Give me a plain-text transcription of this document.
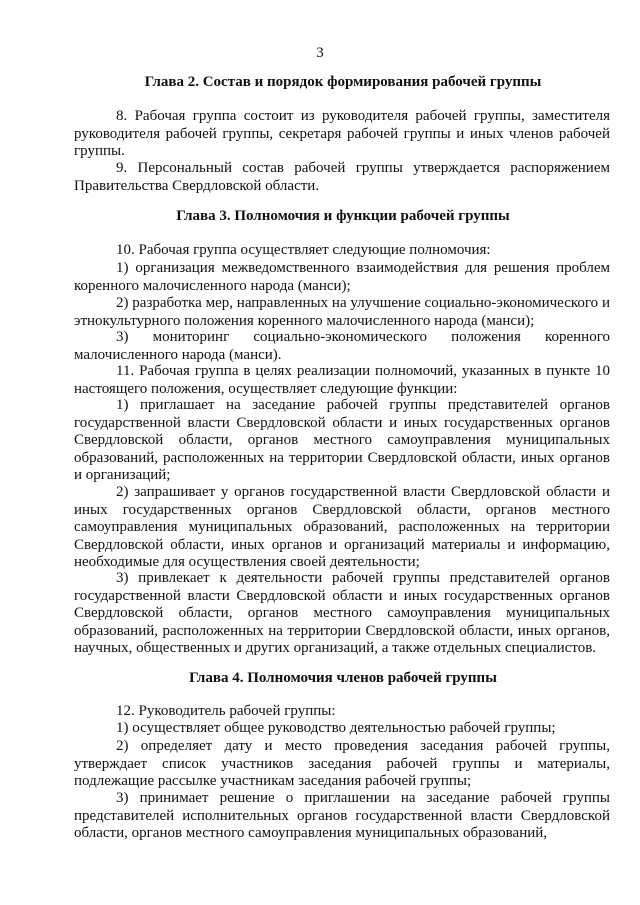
3
Глава 2. Состав и порядок формирования рабочей группы

8. Рабочая группа состоит из руководителя рабочей группы, заместителя руководителя рабочей группы, секретаря рабочей группы и иных членов рабочей группы.

9. Персональный состав рабочей группы утверждается распоряжением Правительства Свердловской области.

Глава 3. Полномочия и функции рабочей группы

10. Рабочая группа осуществляет следующие полномочия:

1) организация межведомственного взаимодействия для решения проблем коренного малочисленного народа (манси);

2) разработка мер, направленных на улучшение социально-экономического и этнокультурного положения коренного малочисленного народа (манси);

3) мониторинг социально-экономического положения коренного малочисленного народа (манси).

11. Рабочая группа в целях реализации полномочий, указанных в пункте 10 настоящего положения, осуществляет следующие функции:

1) приглашает на заседание рабочей группы представителей органов государственной власти Свердловской области и иных государственных органов Свердловской области, органов местного самоуправления муниципальных образований, расположенных на территории Свердловской области, иных органов и организаций;

2) запрашивает у органов государственной власти Свердловской области и иных государственных органов Свердловской области, органов местного самоуправления муниципальных образований, расположенных на территории Свердловской области, иных органов и организаций материалы и информацию, необходимые для осуществления своей деятельности;

3) привлекает к деятельности рабочей группы представителей органов государственной власти Свердловской области и иных государственных органов Свердловской области, органов местного самоуправления муниципальных образований, расположенных на территории Свердловской области, иных органов, научных, общественных и других организаций, а также отдельных специалистов.

Глава 4. Полномочия членов рабочей группы

12. Руководитель рабочей группы:

1) осуществляет общее руководство деятельностью рабочей группы;

2) определяет дату и место проведения заседания рабочей группы, утверждает список участников заседания рабочей группы и материалы, подлежащие рассылке участникам заседания рабочей группы;

3) принимает решение о приглашении на заседание рабочей группы представителей исполнительных органов государственной власти Свердловской области, органов местного самоуправления муниципальных образований,
